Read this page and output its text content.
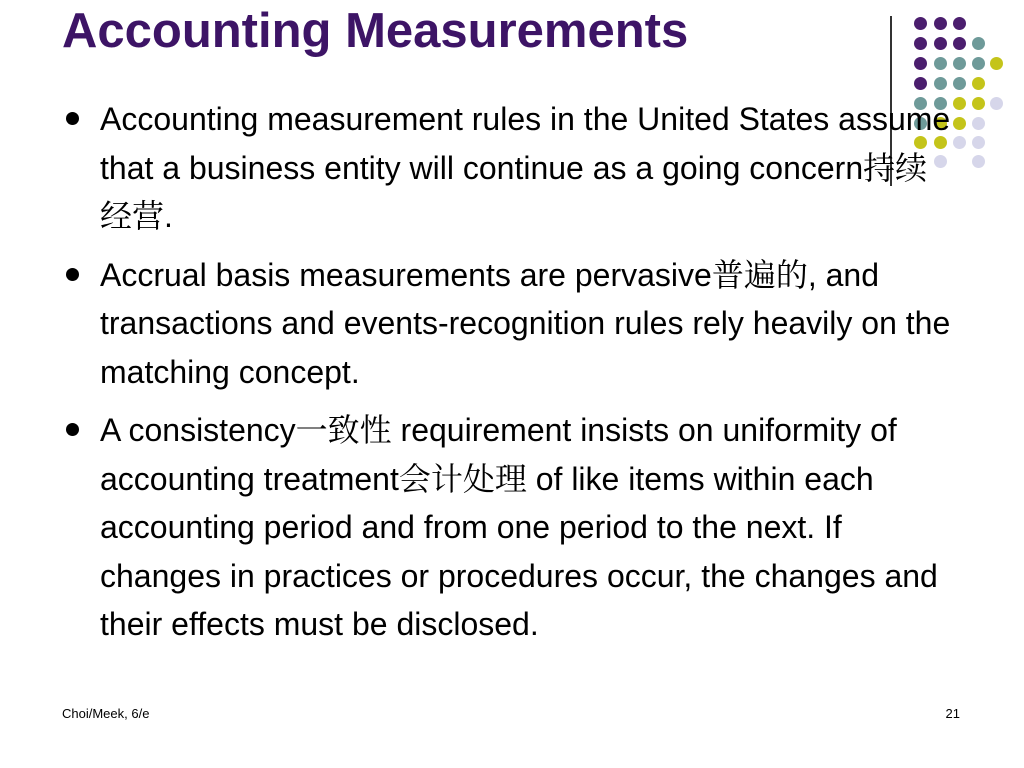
Accounting Measurements
Accounting measurement rules in the United States assume that a business entity will continue as a going concern持续经营.
Accrual basis measurements are pervasive普遍的, and transactions and events-recognition rules rely heavily on the matching concept.
A consistency一致性 requirement insists on uniformity of accounting treatment会计处理 of like items within each accounting period and from one period to the next. If changes in practices or procedures occur, the changes and their effects must be disclosed.
Choi/Meek, 6/e	21
